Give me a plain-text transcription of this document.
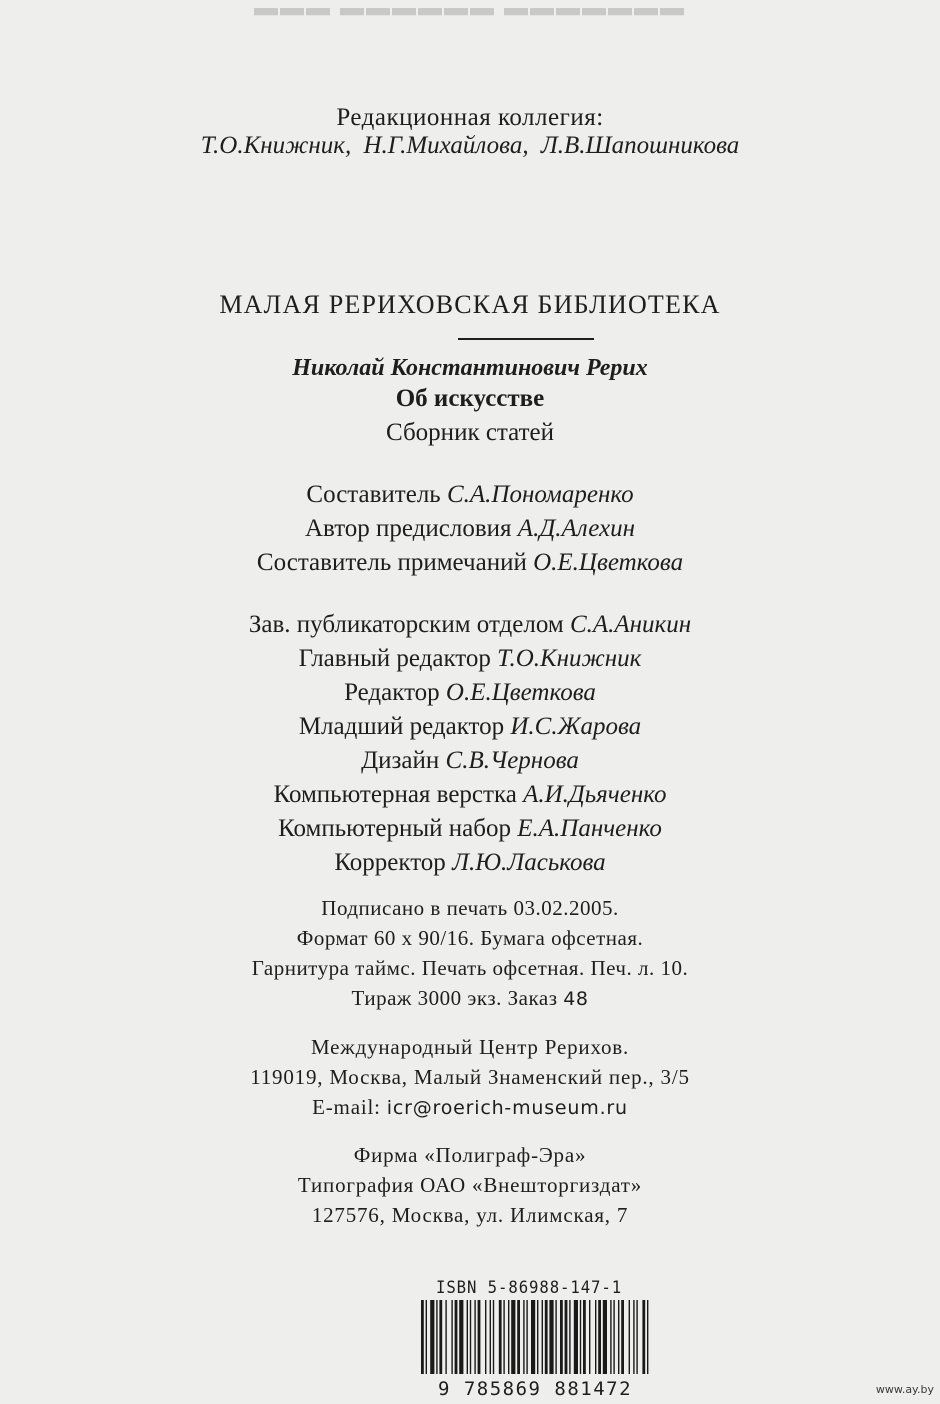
▬▬▬ ▬▬▬▬▬▬ ▬▬▬▬▬▬▬
Редакционная коллегия:
Т.О.Книжник, Н.Г.Михайлова, Л.В.Шапошникова
МАЛАЯ РЕРИХОВСКАЯ БИБЛИОТЕКА
Николай Константинович Рерих
Об искусстве
Сборник статей
Составитель С.А.Пономаренко
Автор предисловия А.Д.Алехин
Составитель примечаний О.Е.Цветкова
Зав. публикаторским отделом С.А.Аникин
Главный редактор Т.О.Книжник
Редактор О.Е.Цветкова
Младший редактор И.С.Жарова
Дизайн С.В.Чернова
Компьютерная верстка А.И.Дьяченко
Компьютерный набор Е.А.Панченко
Корректор Л.Ю.Ласькова
Подписано в печать 03.02.2005.
Формат 60 х 90/16. Бумага офсетная.
Гарнитура таймс. Печать офсетная. Печ. л. 10.
Тираж 3000 экз. Заказ 48
Международный Центр Рерихов.
119019, Москва, Малый Знаменский пер., 3/5
E-mail: icr@roerich-museum.ru
Фирма «Полиграф-Эра»
Типография ОАО «Внешторгиздат»
127576, Москва, ул. Илимская, 7
ISBN 5-86988-147-1
9 785869 881472	www.ay.by
